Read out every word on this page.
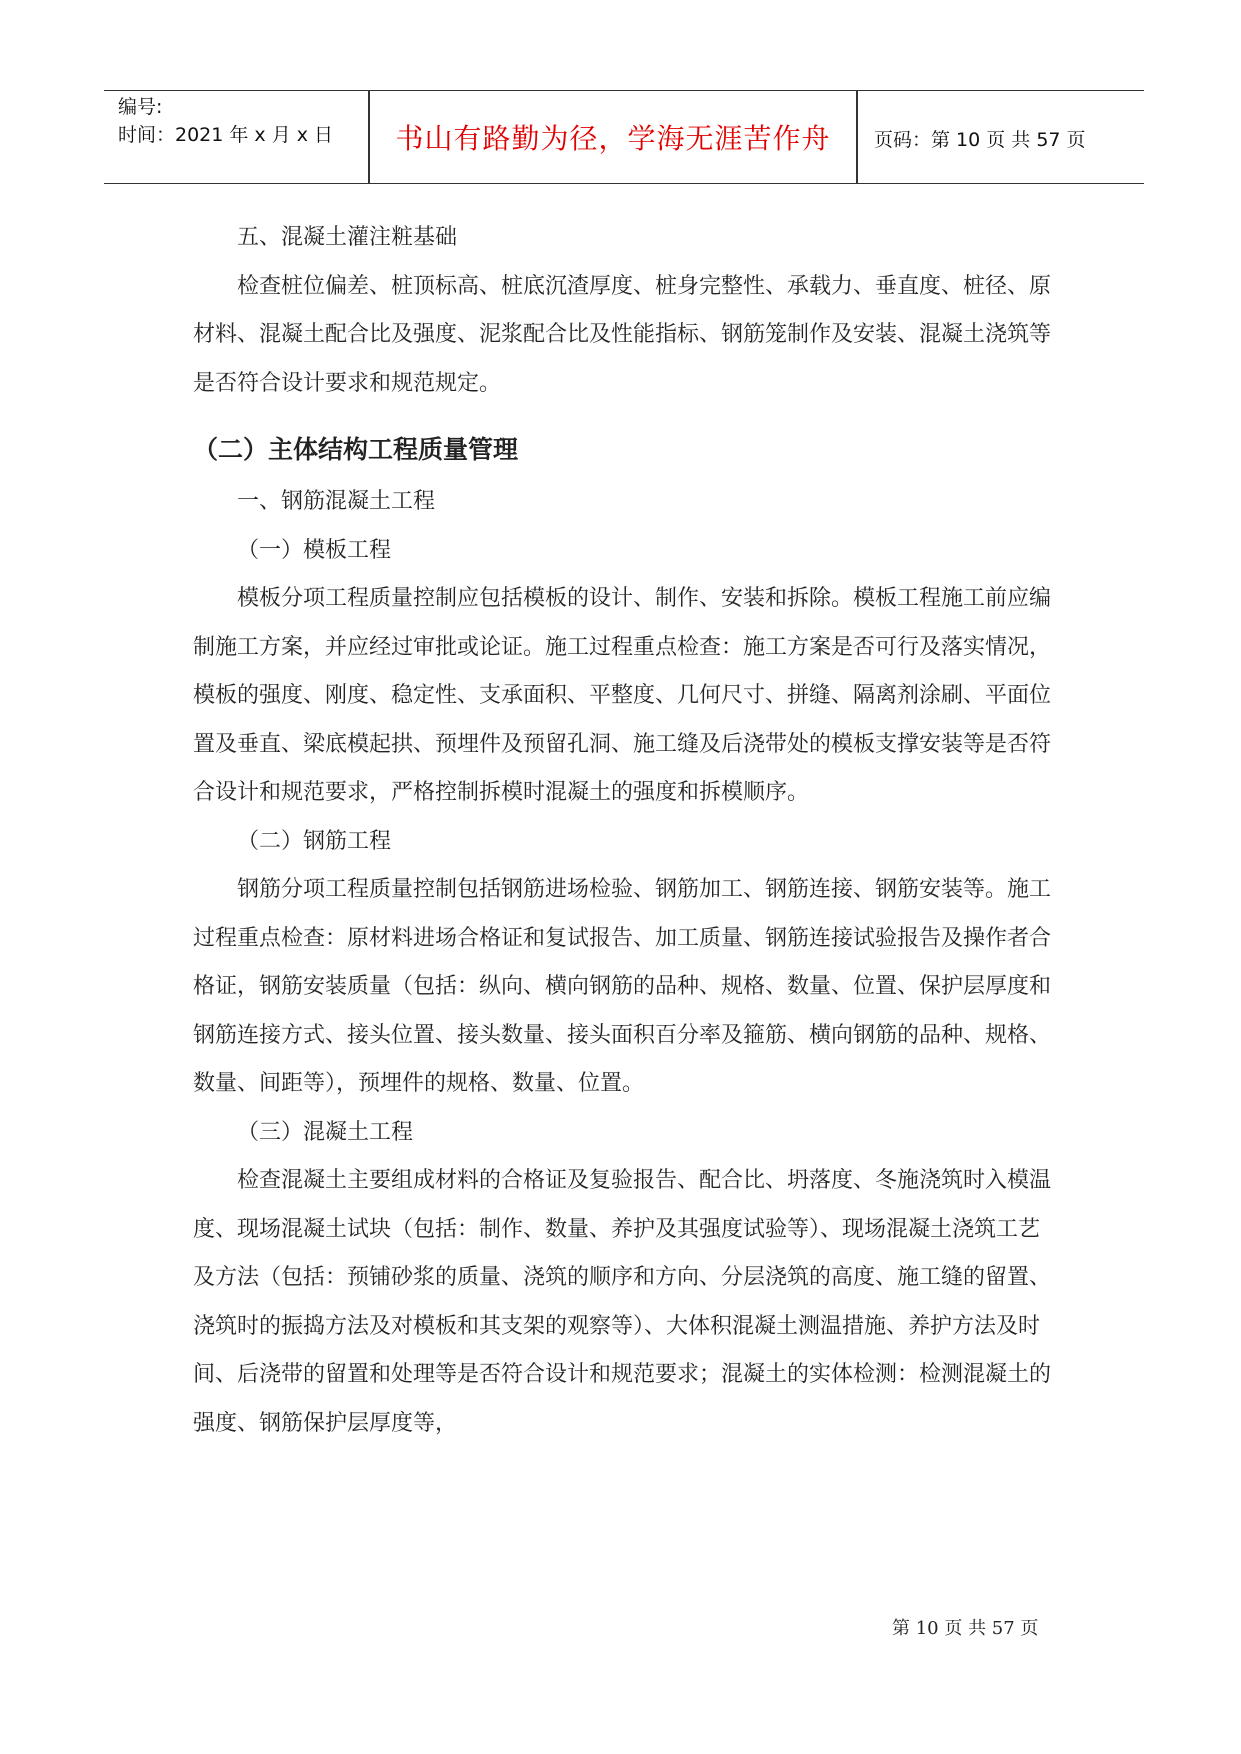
编号:
时间：2021 年 x 月 x 日	书山有路勤为径，学海无涯苦作舟	页码：第 10 页 共 57 页

五、混凝土灌注粧基础

检查桩位偏差、桩顶标高、桩底沉渣厚度、桩身完整性、承载力、垂直度、桩径、原材料、混凝土配合比及强度、泥浆配合比及性能指标、钢筋笼制作及安装、混凝土浇筑等是否符合设计要求和规范规定。

（二）主体结构工程质量管理

一、钢筋混凝土工程

（一）模板工程

模板分项工程质量控制应包括模板的设计、制作、安装和拆除。模板工程施工前应编 制施工方案，并应经过审批或论证。施工过程重点检查：施工方案是否可行及落实情况， 模板的强度、刚度、稳定性、支承面积、平整度、几何尺寸、拼缝、隔离剂涂刷、平面位 置及垂直、梁底模起拱、预埋件及预留孔洞、施工缝及后浇带处的模板支撑安装等是否符 合设计和规范要求，严格控制拆模时混凝土的强度和拆模顺序。

（二）钢筋工程

钢筋分项工程质量控制包括钢筋进场检验、钢筋加工、钢筋连接、钢筋安装等。施工 过程重点检查：原材料进场合格证和复试报告、加工质量、钢筋连接试验报告及操作者合 格证，钢筋安装质量（包括：纵向、横向钢筋的品种、规格、数量、位置、保护层厚度和 钢筋连接方式、接头位置、接头数量、接头面积百分率及箍筋、横向钢筋的品种、规格、 数量、间距等），预埋件的规格、数量、位置。

（三）混凝土工程

检查混凝土主要组成材料的合格证及复验报告、配合比、坍落度、冬施浇筑时入模温 度、现场混凝土试块（包括：制作、数量、养护及其强度试验等）、现场混凝土浇筑工艺 及方法（包括：预铺砂浆的质量、浇筑的顺序和方向、分层浇筑的高度、施工缝的留置、 浇筑时的振捣方法及对模板和其支架的观察等）、大体积混凝土测温措施、养护方法及时 间、后浇带的留置和处理等是否符合设计和规范要求；混凝土的实体检测：检测混凝土的 强度、钢筋保护层厚度等，

第 10 页 共 57 页
